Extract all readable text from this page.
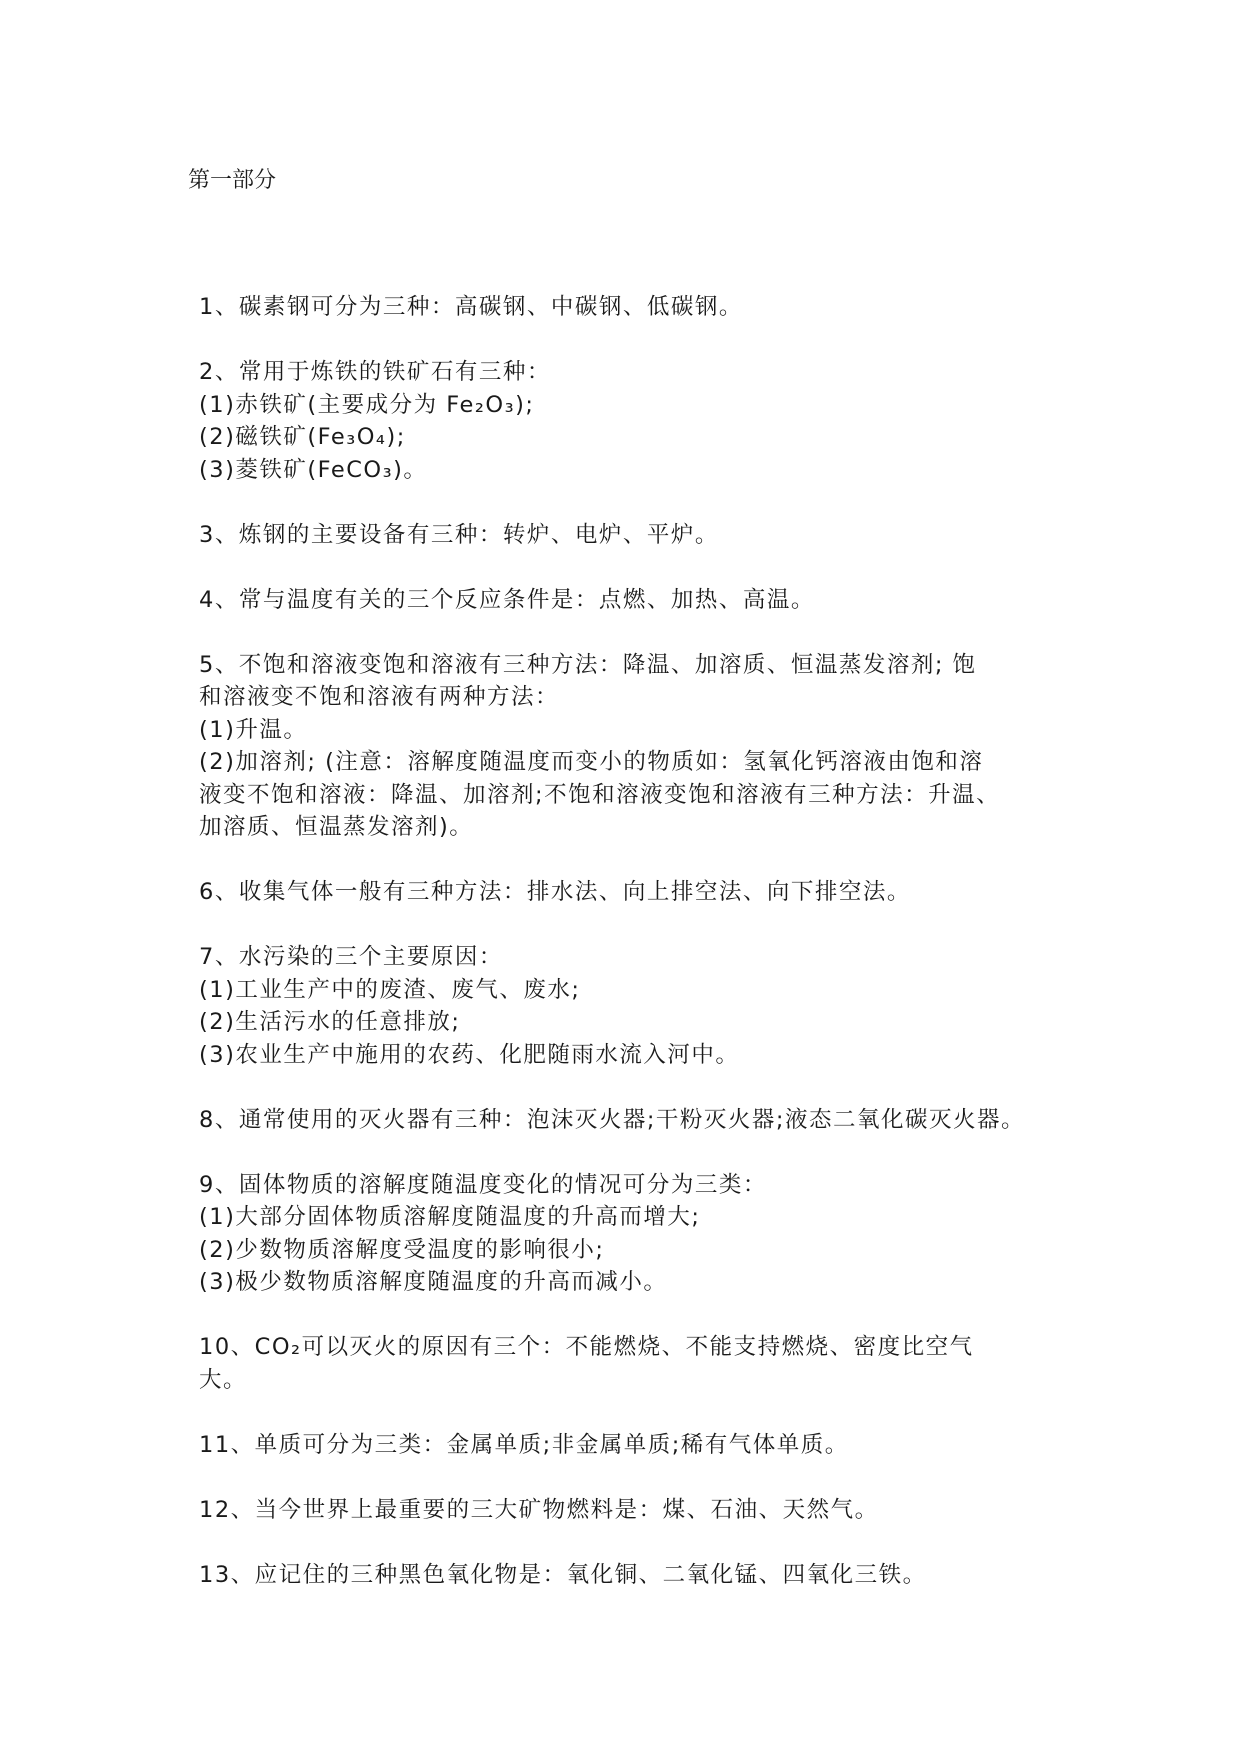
第一部分
1、碳素钢可分为三种：高碳钢、中碳钢、低碳钢。
2、常用于炼铁的铁矿石有三种：
(1)赤铁矿(主要成分为 Fe₂O₃);
(2)磁铁矿(Fe₃O₄);
(3)菱铁矿(FeCO₃)。
3、炼钢的主要设备有三种：转炉、电炉、平炉。
4、常与温度有关的三个反应条件是：点燃、加热、高温。
5、不饱和溶液变饱和溶液有三种方法：降温、加溶质、恒温蒸发溶剂; 饱
和溶液变不饱和溶液有两种方法：
(1)升温。
(2)加溶剂; (注意：溶解度随温度而变小的物质如：氢氧化钙溶液由饱和溶
液变不饱和溶液：降温、加溶剂;不饱和溶液变饱和溶液有三种方法：升温、
加溶质、恒温蒸发溶剂)。
6、收集气体一般有三种方法：排水法、向上排空法、向下排空法。
7、水污染的三个主要原因：
(1)工业生产中的废渣、废气、废水;
(2)生活污水的任意排放;
(3)农业生产中施用的农药、化肥随雨水流入河中。
8、通常使用的灭火器有三种：泡沫灭火器;干粉灭火器;液态二氧化碳灭火器。
9、固体物质的溶解度随温度变化的情况可分为三类：
(1)大部分固体物质溶解度随温度的升高而增大;
(2)少数物质溶解度受温度的影响很小;
(3)极少数物质溶解度随温度的升高而减小。
10、CO₂可以灭火的原因有三个：不能燃烧、不能支持燃烧、密度比空气
大。
11、单质可分为三类：金属单质;非金属单质;稀有气体单质。
12、当今世界上最重要的三大矿物燃料是：煤、石油、天然气。
13、应记住的三种黑色氧化物是：氧化铜、二氧化锰、四氧化三铁。
